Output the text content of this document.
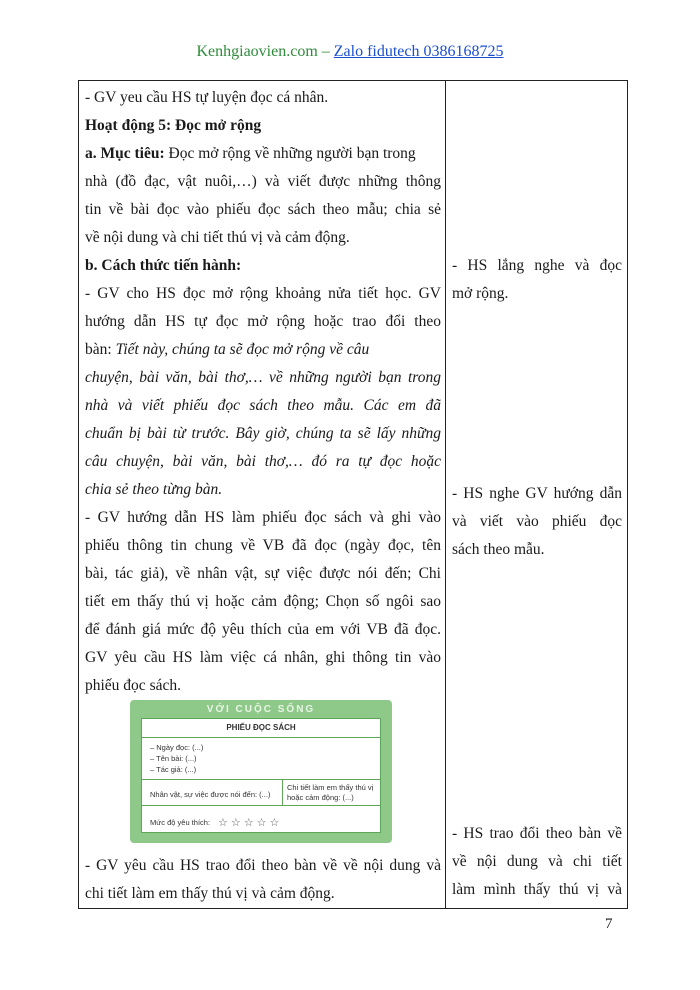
Kenhgiaovien.com – Zalo fidutech 0386168725
- GV yeu cầu HS tự luyện đọc cá nhân.
Hoạt động 5: Đọc mở rộng
a. Mục tiêu: Đọc mở rộng về những người bạn trong
nhà (đồ đạc, vật nuôi,…) và viết được những thông
tin về bài đọc vào phiếu đọc sách theo mẫu; chia sẻ
về nội dung và chi tiết thú vị và cảm động.
b. Cách thức tiến hành:
- GV cho HS đọc mở rộng khoảng nửa tiết học. GV
hướng dẫn HS tự đọc mở rộng hoặc trao đổi theo
bàn: Tiết này, chúng ta sẽ đọc mở rộng về câu
chuyện, bài văn, bài thơ,… về những người bạn trong
nhà và viết phiếu đọc sách theo mẫu. Các em đã
chuẩn bị bài từ trước. Bây giờ, chúng ta sẽ lấy những
câu chuyện, bài văn, bài thơ,… đó ra tự đọc hoặc
chia sẻ theo từng bàn.
- GV hướng dẫn HS làm phiếu đọc sách và ghi vào
phiếu thông tin chung về VB đã đọc (ngày đọc, tên
bài, tác giả), về nhân vật, sự việc được nói đến; Chi
tiết em thấy thú vị hoặc cảm động; Chọn số ngôi sao
để đánh giá mức độ yêu thích của em với VB đã đọc.
GV yêu cầu HS làm việc cá nhân, ghi thông tin vào
phiếu đọc sách.
VỚI CUỘC SỐNG
PHIẾU ĐỌC SÁCH
– Ngày đọc: (...)
– Tên bài: (...)
– Tác giả: (...)
Nhân vật, sự việc được nói đến: (...)
Chi tiết làm em thấy thú vị
hoặc cảm động: (...)
Mức độ yêu thích: ☆☆☆☆☆
- GV yêu cầu HS trao đổi theo bàn về về nội dung và
chi tiết làm em thấy thú vị và cảm động.
- HS lắng nghe và đọc
mở rộng.
- HS nghe GV hướng dẫn
và viết vào phiếu đọc
sách theo mẫu.
- HS trao đổi theo bàn về
về nội dung và chi tiết
làm mình thấy thú vị và
7
